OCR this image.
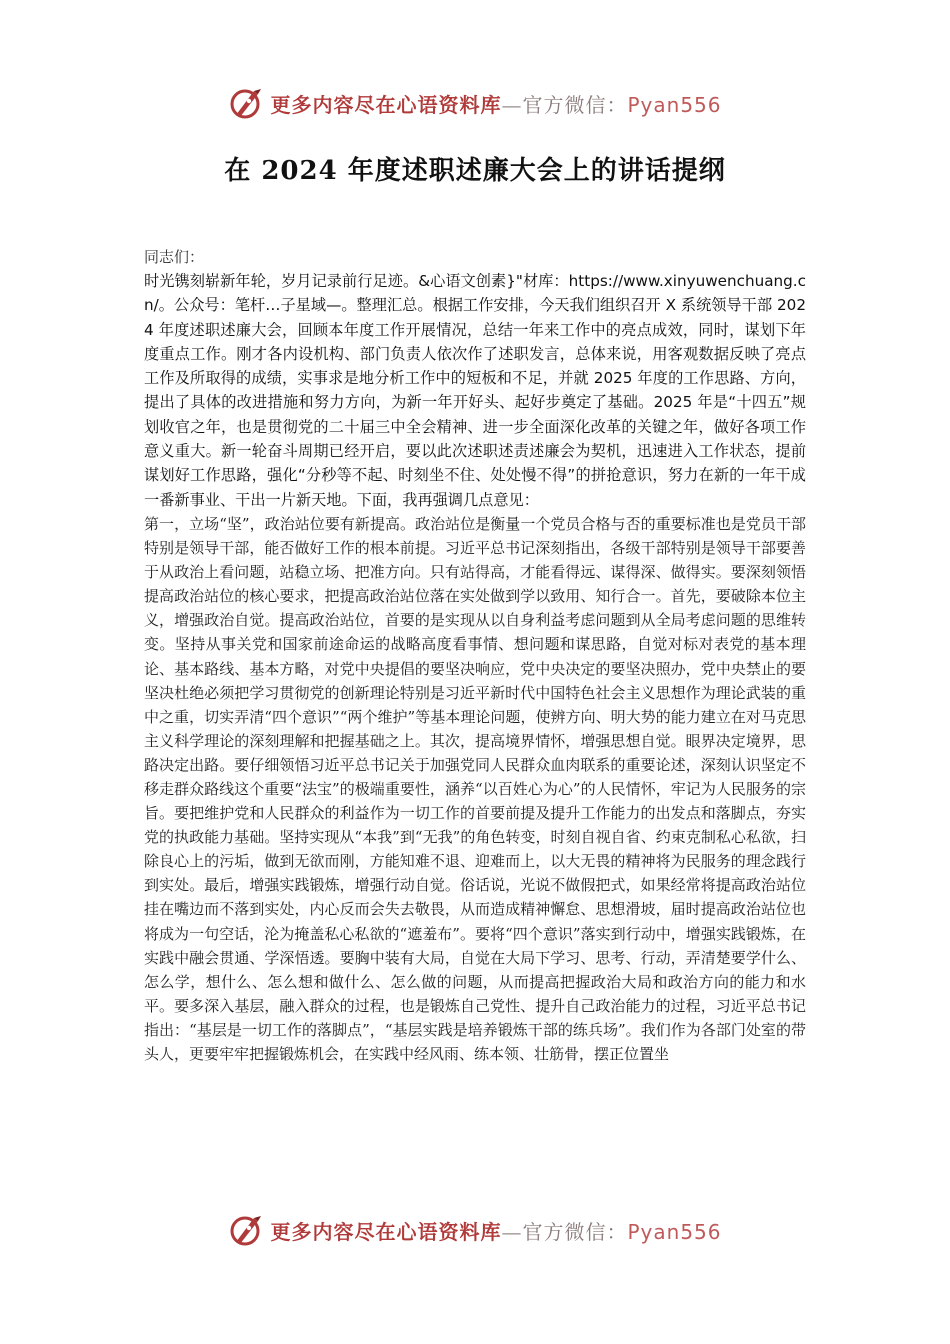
更多内容尽在心语资料库—官方微信：Pyan556
在 2024 年度述职述廉大会上的讲话提纲

同志们：

时光镌刻崭新年轮，岁月记录前行足迹。&心语文创素}"材库：https://www.xinyuwenchuang.cn/。公众号：笔杆…子星域—。整理汇总。根据工作安排，今天我们组织召开 X 系统领导干部 2024 年度述职述廉大会，回顾本年度工作开展情况，总结一年来工作中的亮点成效，同时，谋划下年度重点工作。刚才各内设机构、部门负责人依次作了述职发言，总体来说，用客观数据反映了亮点工作及所取得的成绩，实事求是地分析工作中的短板和不足，并就 2025 年度的工作思路、方向，提出了具体的改进措施和努力方向，为新一年开好头、起好步奠定了基础。2025 年是“十四五”规划收官之年，也是贯彻党的二十届三中全会精神、进一步全面深化改革的关键之年，做好各项工作意义重大。新一轮奋斗周期已经开启，要以此次述职述责述廉会为契机，迅速进入工作状态，提前谋划好工作思路，强化“分秒等不起、时刻坐不住、处处慢不得”的拼抢意识，努力在新的一年干成一番新事业、干出一片新天地。下面，我再强调几点意见：

第一，立场“坚”，政治站位要有新提高。政治站位是衡量一个党员合格与否的重要标准也是党员干部特别是领导干部，能否做好工作的根本前提。习近平总书记深刻指出，各级干部特别是领导干部要善于从政治上看问题，站稳立场、把准方向。只有站得高，才能看得远、谋得深、做得实。要深刻领悟提高政治站位的核心要求，把提高政治站位落在实处做到学以致用、知行合一。首先，要破除本位主义，增强政治自觉。提高政治站位，首要的是实现从以自身利益考虑问题到从全局考虑问题的思维转变。坚持从事关党和国家前途命运的战略高度看事情、想问题和谋思路，自觉对标对表党的基本理论、基本路线、基本方略，对党中央提倡的要坚决响应，党中央决定的要坚决照办，党中央禁止的要坚决杜绝必须把学习贯彻党的创新理论特别是习近平新时代中国特色社会主义思想作为理论武装的重中之重，切实弄清“四个意识”“两个维护”等基本理论问题，使辨方向、明大势的能力建立在对马克思主义科学理论的深刻理解和把握基础之上。其次，提高境界情怀，增强思想自觉。眼界决定境界，思路决定出路。要仔细领悟习近平总书记关于加强党同人民群众血肉联系的重要论述，深刻认识坚定不移走群众路线这个重要“法宝”的极端重要性，涵养“以百姓心为心”的人民情怀，牢记为人民服务的宗旨。要把维护党和人民群众的利益作为一切工作的首要前提及提升工作能力的出发点和落脚点，夯实党的执政能力基础。坚持实现从“本我”到“无我”的角色转变，时刻自视自省、约束克制私心私欲，扫除良心上的污垢，做到无欲而刚，方能知难不退、迎难而上，以大无畏的精神将为民服务的理念践行到实处。最后，增强实践锻炼，增强行动自觉。俗话说，光说不做假把式，如果经常将提高政治站位挂在嘴边而不落到实处，内心反而会失去敬畏，从而造成精神懈怠、思想滑坡，届时提高政治站位也将成为一句空话，沦为掩盖私心私欲的“遮羞布”。要将“四个意识”落实到行动中，增强实践锻炼，在实践中融会贯通、学深悟透。要胸中装有大局，自觉在大局下学习、思考、行动，弄清楚要学什么、怎么学，想什么、怎么想和做什么、怎么做的问题，从而提高把握政治大局和政治方向的能力和水平。要多深入基层，融入群众的过程，也是锻炼自己党性、提升自己政治能力的过程，习近平总书记指出：“基层是一切工作的落脚点”，“基层实践是培养锻炼干部的练兵场”。我们作为各部门处室的带头人，更要牢牢把握锻炼机会，在实践中经风雨、练本领、壮筋骨，摆正位置坐

更多内容尽在心语资料库—官方微信：Pyan556
